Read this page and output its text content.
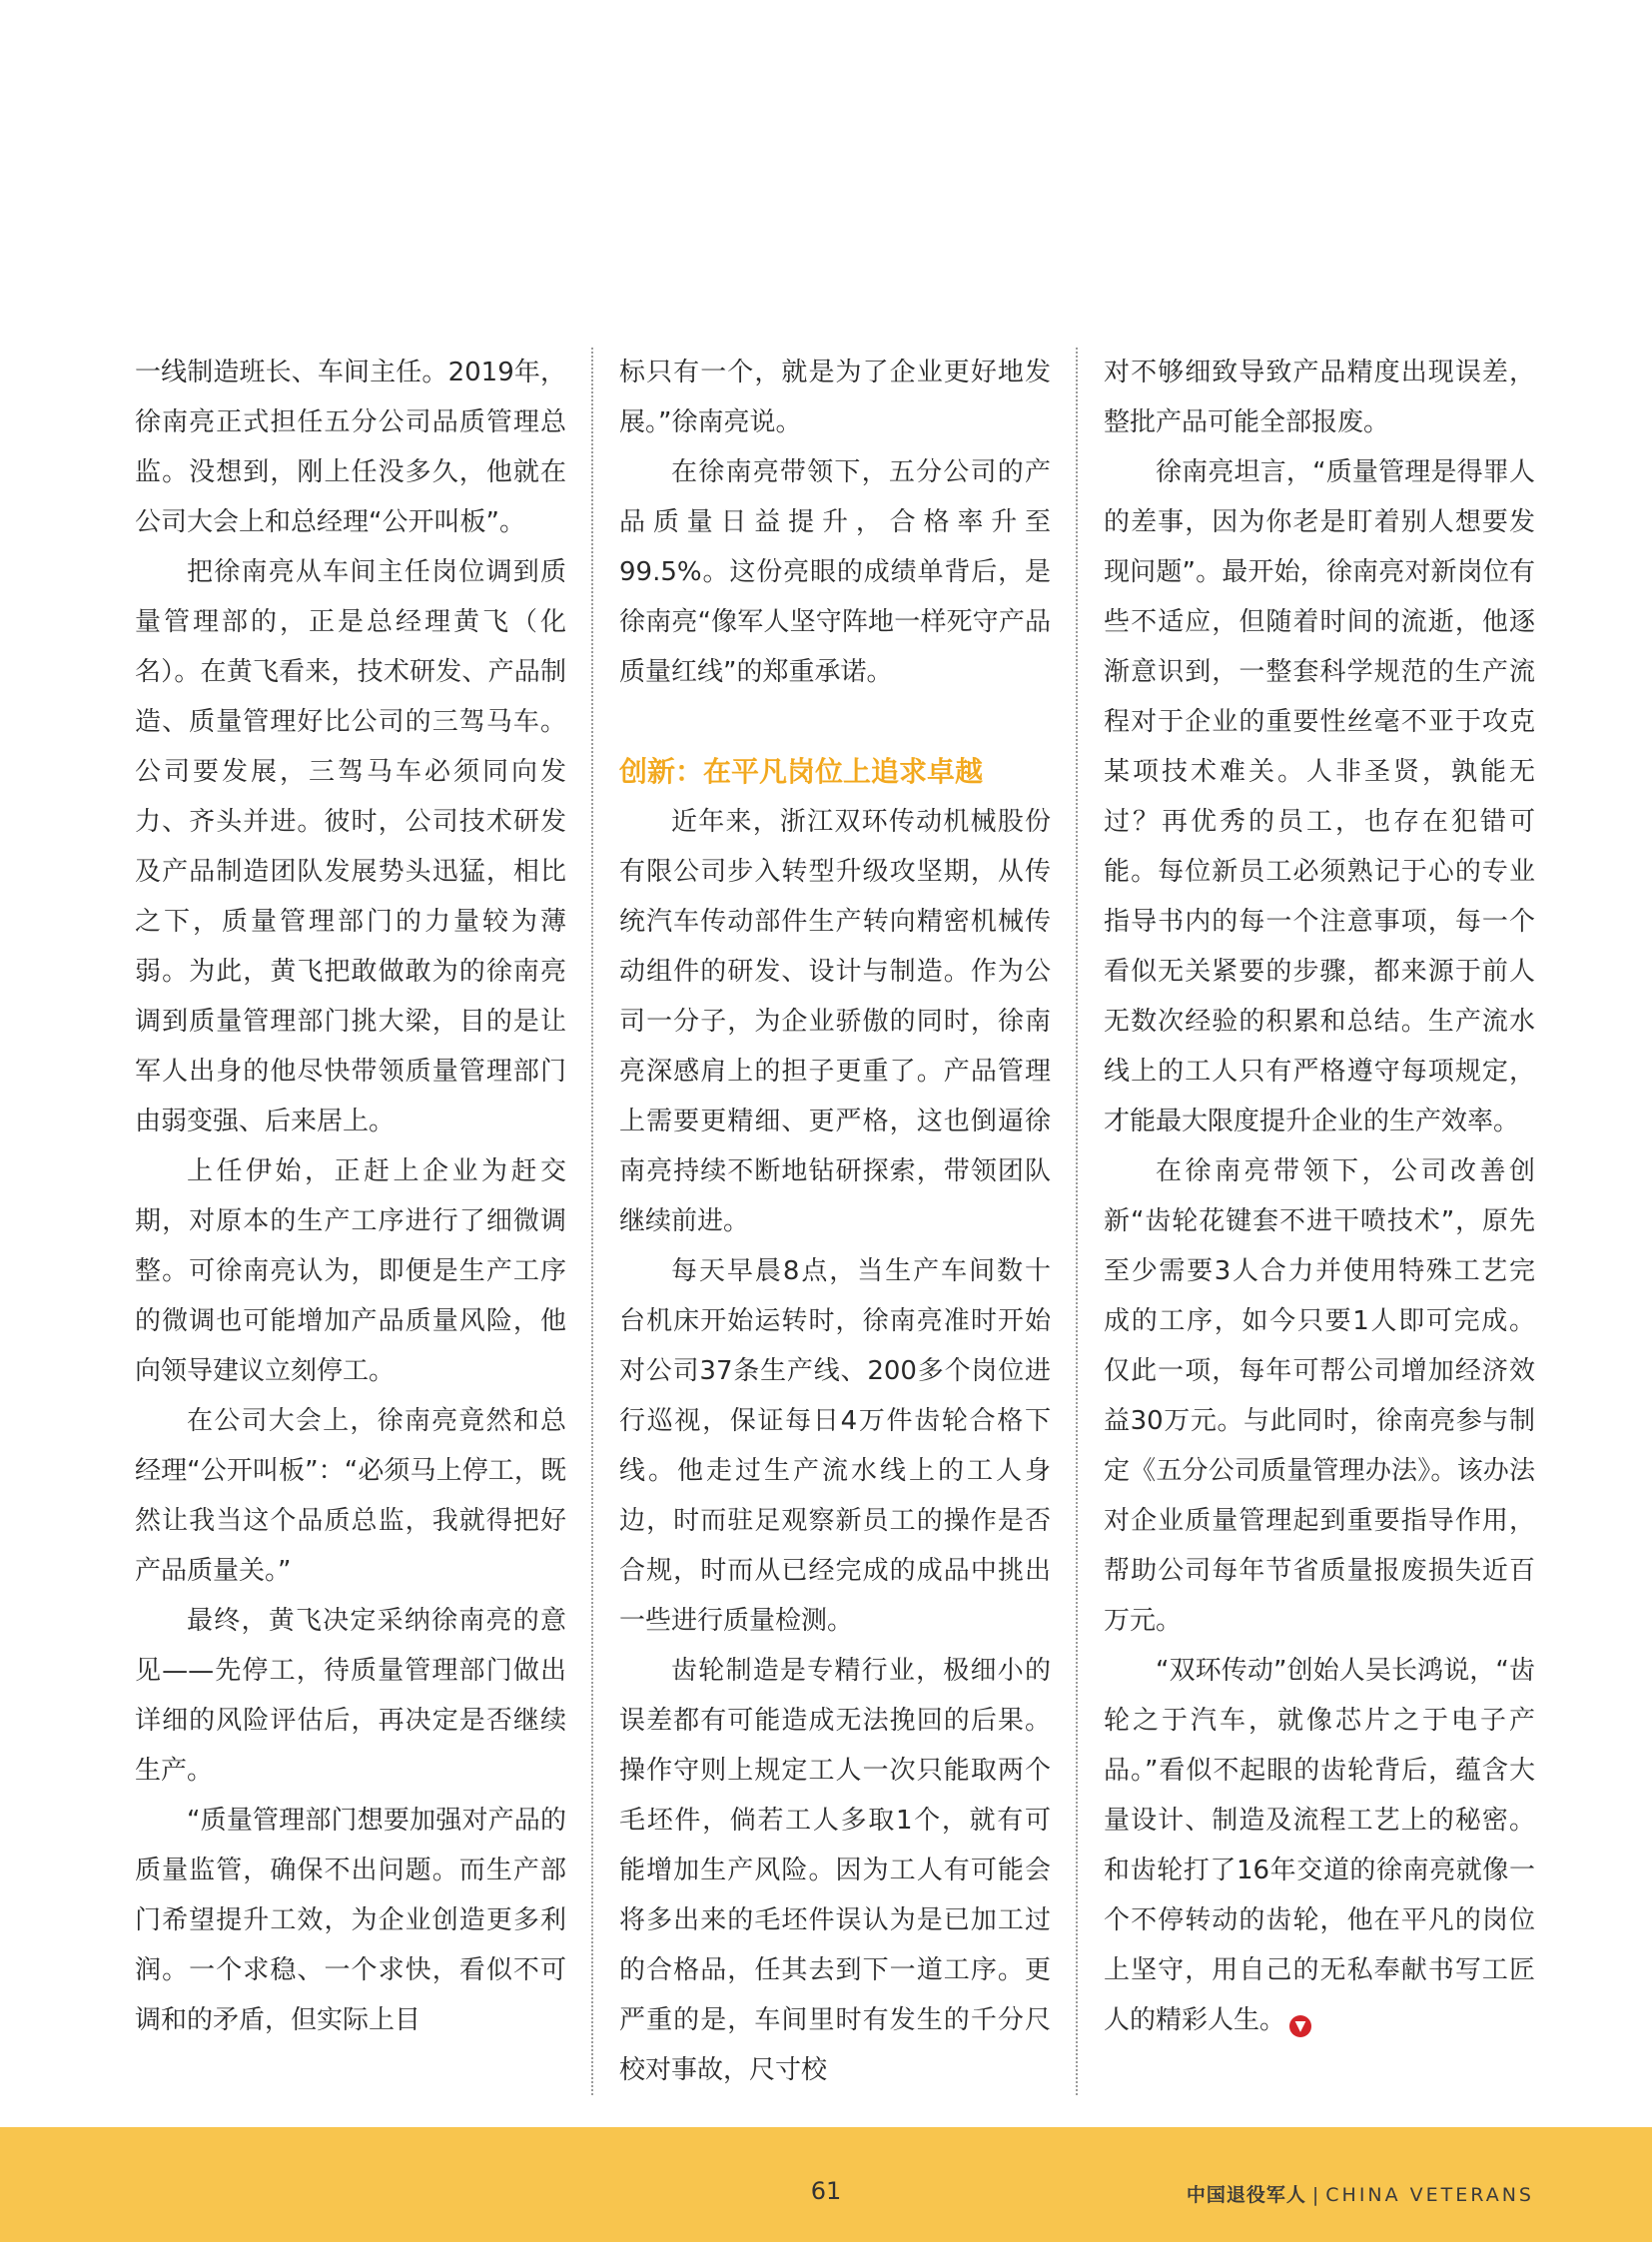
一线制造班长、车间主任。2019年，徐南亮正式担任五分公司品质管理总监。没想到，刚上任没多久，他就在公司大会上和总经理“公开叫板”。

把徐南亮从车间主任岗位调到质量管理部的，正是总经理黄飞（化名）。在黄飞看来，技术研发、产品制造、质量管理好比公司的三驾马车。公司要发展，三驾马车必须同向发力、齐头并进。彼时，公司技术研发及产品制造团队发展势头迅猛，相比之下，质量管理部门的力量较为薄弱。为此，黄飞把敢做敢为的徐南亮调到质量管理部门挑大梁，目的是让军人出身的他尽快带领质量管理部门由弱变强、后来居上。

上任伊始，正赶上企业为赶交期，对原本的生产工序进行了细微调整。可徐南亮认为，即便是生产工序的微调也可能增加产品质量风险，他向领导建议立刻停工。

在公司大会上，徐南亮竟然和总经理“公开叫板”：“必须马上停工，既然让我当这个品质总监，我就得把好产品质量关。”

最终，黄飞决定采纳徐南亮的意见——先停工，待质量管理部门做出详细的风险评估后，再决定是否继续生产。

“质量管理部门想要加强对产品的质量监管，确保不出问题。而生产部门希望提升工效，为企业创造更多利润。一个求稳、一个求快，看似不可调和的矛盾，但实际上目

标只有一个，就是为了企业更好地发展。”徐南亮说。

在徐南亮带领下，五分公司的产品质量日益提升，合格率升至99.5%。这份亮眼的成绩单背后，是徐南亮“像军人坚守阵地一样死守产品质量红线”的郑重承诺。

创新：在平凡岗位上追求卓越

近年来，浙江双环传动机械股份有限公司步入转型升级攻坚期，从传统汽车传动部件生产转向精密机械传动组件的研发、设计与制造。作为公司一分子，为企业骄傲的同时，徐南亮深感肩上的担子更重了。产品管理上需要更精细、更严格，这也倒逼徐南亮持续不断地钻研探索，带领团队继续前进。

每天早晨8点，当生产车间数十台机床开始运转时，徐南亮准时开始对公司37条生产线、200多个岗位进行巡视，保证每日4万件齿轮合格下线。他走过生产流水线上的工人身边，时而驻足观察新员工的操作是否合规，时而从已经完成的成品中挑出一些进行质量检测。

齿轮制造是专精行业，极细小的误差都有可能造成无法挽回的后果。操作守则上规定工人一次只能取两个毛坯件，倘若工人多取1个，就有可能增加生产风险。因为工人有可能会将多出来的毛坯件误认为是已加工过的合格品，任其去到下一道工序。更严重的是，车间里时有发生的千分尺校对事故，尺寸校

对不够细致导致产品精度出现误差，整批产品可能全部报废。

徐南亮坦言，“质量管理是得罪人的差事，因为你老是盯着别人想要发现问题”。最开始，徐南亮对新岗位有些不适应，但随着时间的流逝，他逐渐意识到，一整套科学规范的生产流程对于企业的重要性丝毫不亚于攻克某项技术难关。人非圣贤，孰能无过？再优秀的员工，也存在犯错可能。每位新员工必须熟记于心的专业指导书内的每一个注意事项，每一个看似无关紧要的步骤，都来源于前人无数次经验的积累和总结。生产流水线上的工人只有严格遵守每项规定，才能最大限度提升企业的生产效率。

在徐南亮带领下，公司改善创新“齿轮花键套不进干喷技术”，原先至少需要3人合力并使用特殊工艺完成的工序，如今只要1人即可完成。仅此一项，每年可帮公司增加经济效益30万元。与此同时，徐南亮参与制定《五分公司质量管理办法》。该办法对企业质量管理起到重要指导作用，帮助公司每年节省质量报废损失近百万元。

“双环传动”创始人吴长鸿说，“齿轮之于汽车，就像芯片之于电子产品。”看似不起眼的齿轮背后，蕴含大量设计、制造及流程工艺上的秘密。和齿轮打了16年交道的徐南亮就像一个不停转动的齿轮，他在平凡的岗位上坚守，用自己的无私奉献书写工匠人的精彩人生。 ▼

61	中国退役军人 | CHINA VETERANS
